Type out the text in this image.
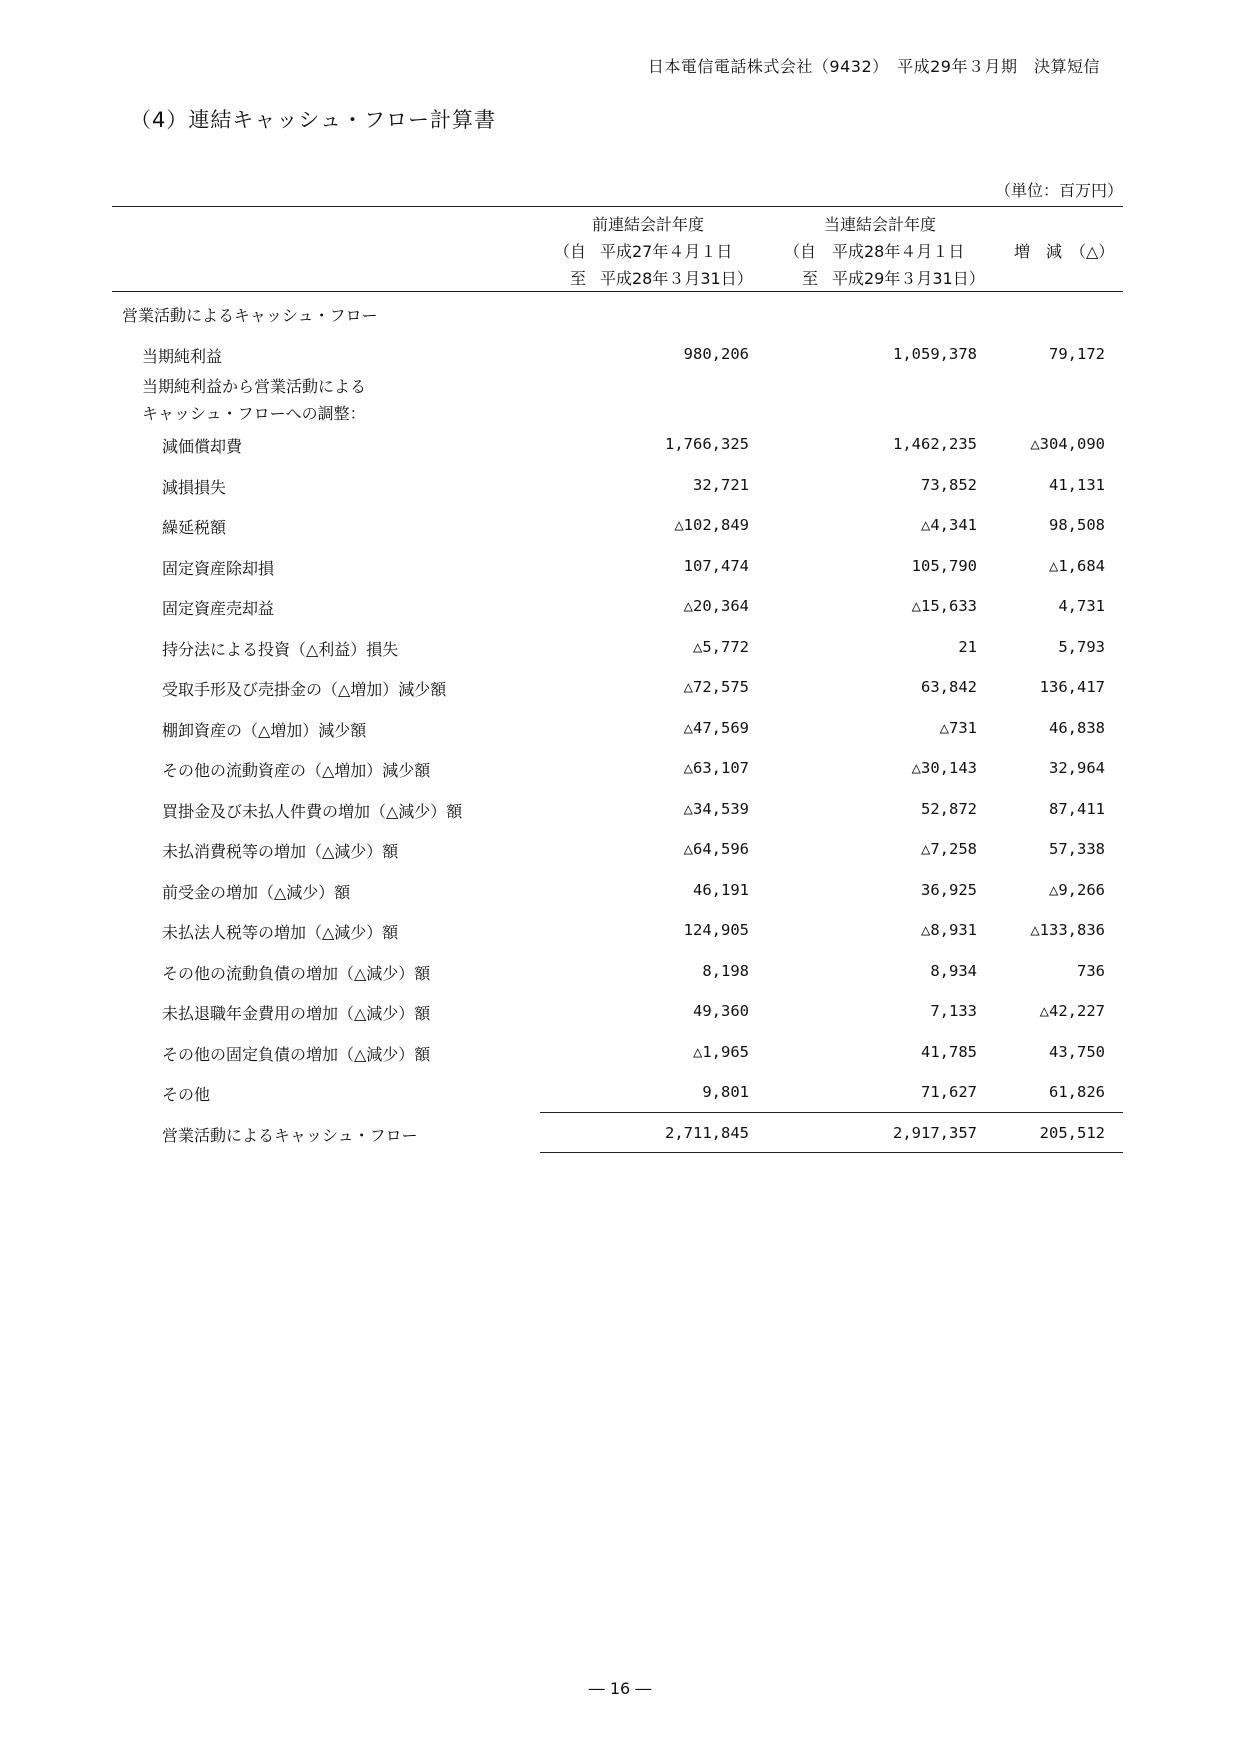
日本電信電話株式会社（9432）　平成29年３月期　決算短信
（4）連結キャッシュ・フロー計算書
（単位：百万円）
前連結会計年度
（自 平成27年４月１日
至 平成28年３月31日）
当連結会計年度
（自 平成28年４月１日
至 平成29年３月31日）
増　減　（△）
営業活動によるキャッシュ・フロー
当期純利益	980,206	1,059,378	79,172
当期純利益から営業活動による
キャッシュ・フローへの調整：
減価償却費	1,766,325	1,462,235	△304,090
減損損失	32,721	73,852	41,131
繰延税額	△102,849	△4,341	98,508
固定資産除却損	107,474	105,790	△1,684
固定資産売却益	△20,364	△15,633	4,731
持分法による投資（△利益）損失	△5,772	21	5,793
受取手形及び売掛金の（△増加）減少額	△72,575	63,842	136,417
棚卸資産の（△増加）減少額	△47,569	△731	46,838
その他の流動資産の（△増加）減少額	△63,107	△30,143	32,964
買掛金及び未払人件費の増加（△減少）額	△34,539	52,872	87,411
未払消費税等の増加（△減少）額	△64,596	△7,258	57,338
前受金の増加（△減少）額	46,191	36,925	△9,266
未払法人税等の増加（△減少）額	124,905	△8,931	△133,836
その他の流動負債の増加（△減少）額	8,198	8,934	736
未払退職年金費用の増加（△減少）額	49,360	7,133	△42,227
その他の固定負債の増加（△減少）額	△1,965	41,785	43,750
その他	9,801	71,627	61,826
営業活動によるキャッシュ・フロー	2,711,845	2,917,357	205,512
― 16 ―
